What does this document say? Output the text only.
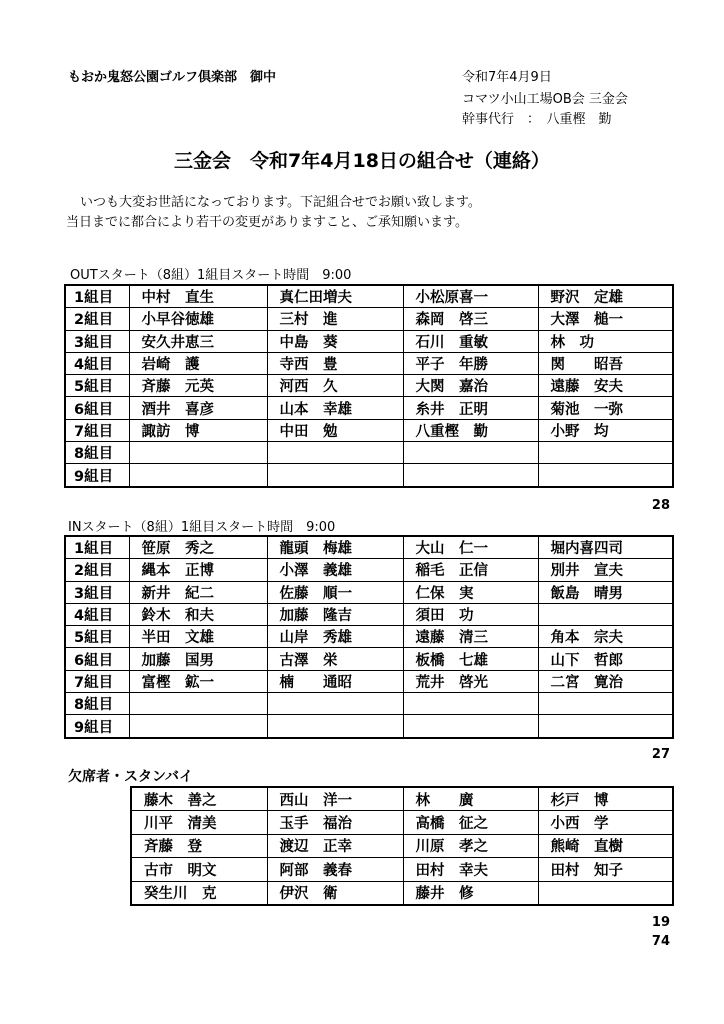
もおか鬼怒公園ゴルフ倶楽部　御中	令和7年4月9日
コマツ小山工場OB会 三金会
幹事代行　：　八重樫　勤
三金会　令和7年4月18日の組合せ（連絡）
いつも大変お世話になっております。下記組合せでお願い致します。
当日までに都合により若干の変更がありますこと、ご承知願います。
OUTスタート（8組）1組目スタート時間　9:00
1組目	中村　直生	真仁田増夫	小松原喜一	野沢　定雄
2組目	小早谷徳雄	三村　進	森岡　啓三	大澤　槌一
3組目	安久井恵三	中島　葵	石川　重敏	林　功
4組目	岩崎　護	寺西　豊	平子　年勝	関　　昭吾
5組目	斉藤　元英	河西　久	大関　嘉治	遠藤　安夫
6組目	酒井　喜彦	山本　幸雄	糸井　正明	菊池　一弥
7組目	諏訪　博	中田　勉	八重樫　勤	小野　均
8組目				
9組目				
28
INスタート（8組）1組目スタート時間　9:00
1組目	笹原　秀之	龍頭　梅雄	大山　仁一	堀内喜四司
2組目	縄本　正博	小澤　義雄	稲毛　正信	別井　宣夫
3組目	新井　紀二	佐藤　順一	仁保　実	飯島　晴男
4組目	鈴木　和夫	加藤　隆吉	須田　功	
5組目	半田　文雄	山岸　秀雄	遠藤　清三	角本　宗夫
6組目	加藤　国男	古澤　栄	板橋　七雄	山下　哲郎
7組目	富樫　鉱一	楠　　通昭	荒井　啓光	二宮　寛治
8組目				
9組目				
27
欠席者・スタンバイ
藤木　善之	西山　洋一	林　　廣	杉戸　博
川平　清美	玉手　福治	高橋　征之	小西　学
斉藤　登	渡辺　正幸	川原　孝之	熊崎　直樹
古市　明文	阿部　義春	田村　幸夫	田村　知子
癸生川　克	伊沢　衛	藤井　修	
19
74
